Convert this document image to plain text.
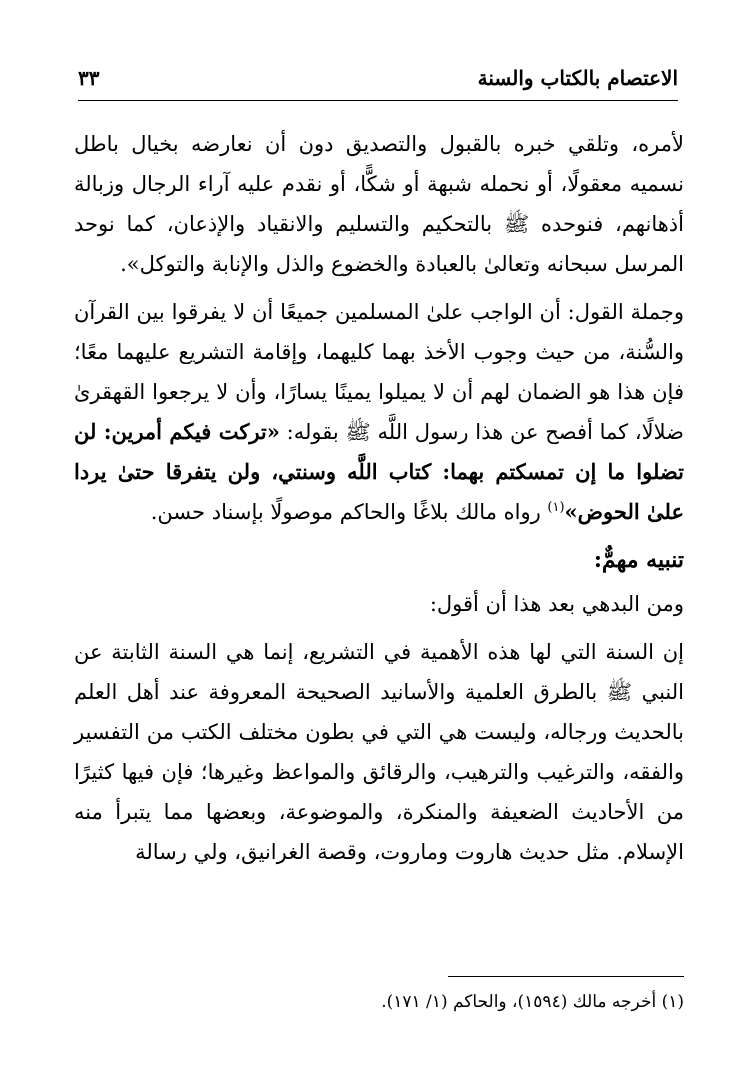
الاعتصام بالكتاب والسنة
٣٣

لأمره، وتلقي خبره بالقبول والتصديق دون أن نعارضه بخيال باطل نسميه معقولًا، أو نحمله شبهة أو شكًّا، أو نقدم عليه آراء الرجال وزبالة أذهانهم، فنوحده ﷺ بالتحكيم والتسليم والانقياد والإذعان، كما نوحد المرسل سبحانه وتعالىٰ بالعبادة والخضوع والذل والإنابة والتوكل».

وجملة القول: أن الواجب علىٰ المسلمين جميعًا أن لا يفرقوا بين القرآن والسُّنة، من حيث وجوب الأخذ بهما كليهما، وإقامة التشريع عليهما معًا؛ فإن هذا هو الضمان لهم أن لا يميلوا يمينًا يسارًا، وأن لا يرجعوا القهقرىٰ ضلالًا، كما أفصح عن هذا رسول اللَّه ﷺ بقوله: «تركت فيكم أمرين: لن تضلوا ما إن تمسكتم بهما: كتاب اللَّه وسنتي، ولن يتفرقا حتىٰ يردا علىٰ الحوض»$^{(١)}$ رواه مالك بلاغًا والحاكم موصولًا بإسناد حسن.

تنبيه مهمٌّ:

ومن البدهي بعد هذا أن أقول:

إن السنة التي لها هذه الأهمية في التشريع، إنما هي السنة الثابتة عن النبي ﷺ بالطرق العلمية والأسانيد الصحيحة المعروفة عند أهل العلم بالحديث ورجاله، وليست هي التي في بطون مختلف الكتب من التفسير والفقه، والترغيب والترهيب، والرقائق والمواعظ وغيرها؛ فإن فيها كثيرًا من الأحاديث الضعيفة والمنكرة، والموضوعة، وبعضها مما يتبرأ منه الإسلام. مثل حديث هاروت وماروت، وقصة الغرانيق، ولي رسالة

(١) أخرجه مالك (١٥٩٤)، والحاكم (١/ ١٧١).
